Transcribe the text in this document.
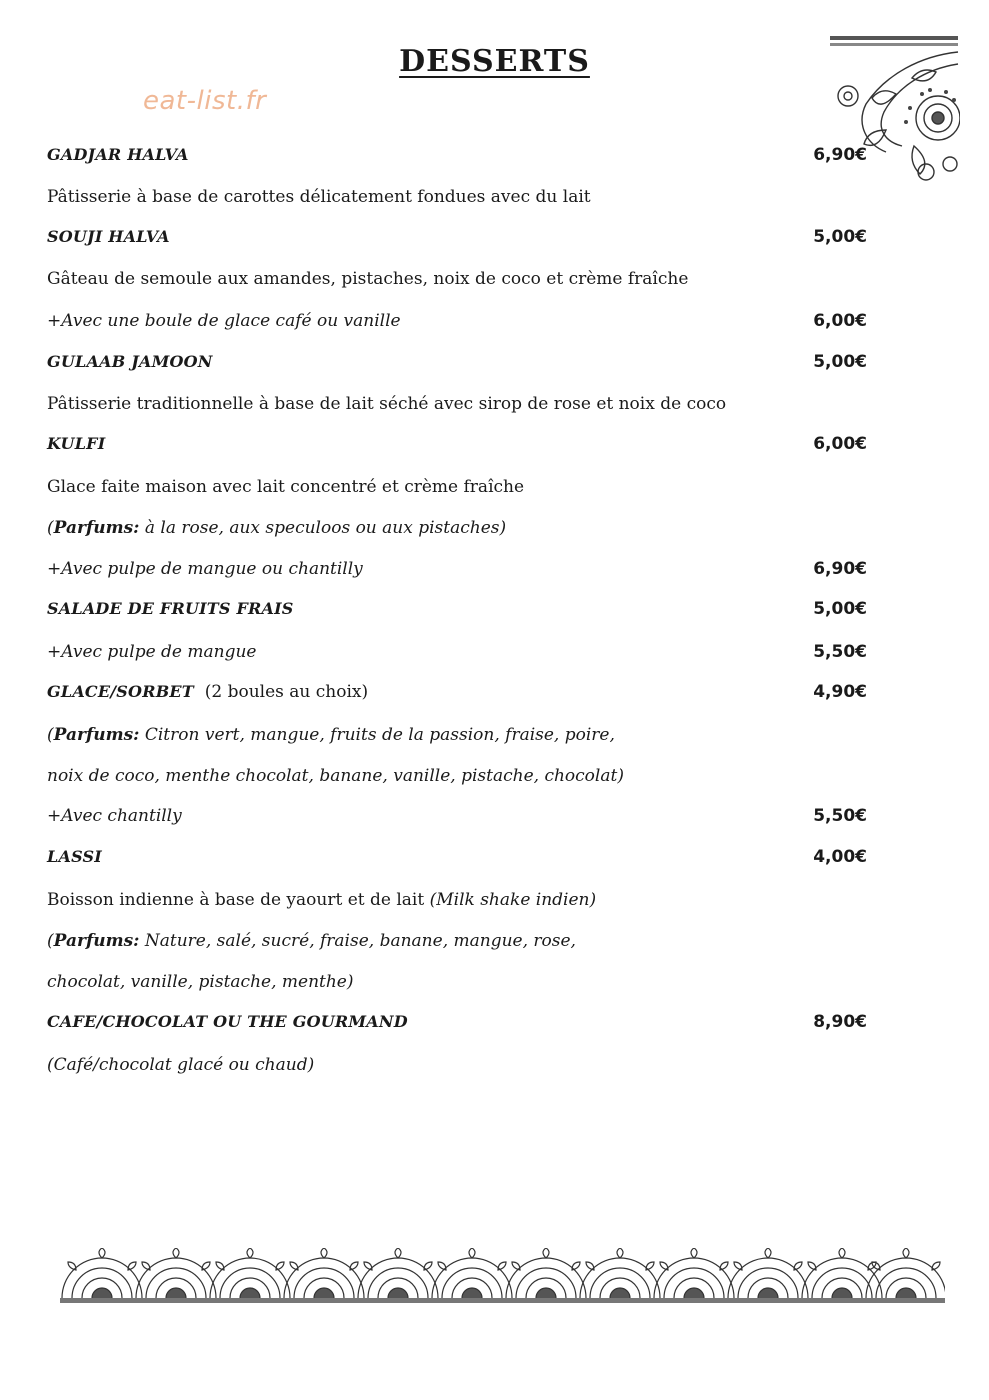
DESSERTS
eat-list.fr
GADJAR HALVA	6,90€
Pâtisserie à base de carottes délicatement fondues avec du lait
SOUJI HALVA	5,00€
Gâteau de semoule aux amandes, pistaches, noix de coco et crème fraîche
+Avec une boule de glace café ou vanille	6,00€
GULAAB JAMOON	5,00€
Pâtisserie traditionnelle à base de lait séché avec sirop de rose et noix de coco
KULFI	6,00€
Glace faite maison avec lait concentré et crème fraîche
(Parfums: à la rose, aux speculoos ou aux pistaches)
+Avec pulpe de mangue ou chantilly	6,90€
SALADE DE FRUITS FRAIS	5,00€
+Avec pulpe de mangue	5,50€
GLACE/SORBET (2 boules au choix)	4,90€
(Parfums: Citron vert, mangue, fruits de la passion, fraise, poire,
noix de coco, menthe chocolat, banane, vanille, pistache, chocolat)
+Avec chantilly	5,50€
LASSI	4,00€
Boisson indienne à base de yaourt et de lait (Milk shake indien)
(Parfums: Nature, salé, sucré, fraise, banane, mangue, rose,
chocolat, vanille, pistache, menthe)
CAFE/CHOCOLAT OU THE GOURMAND	8,90€
(Café/chocolat glacé ou chaud)
